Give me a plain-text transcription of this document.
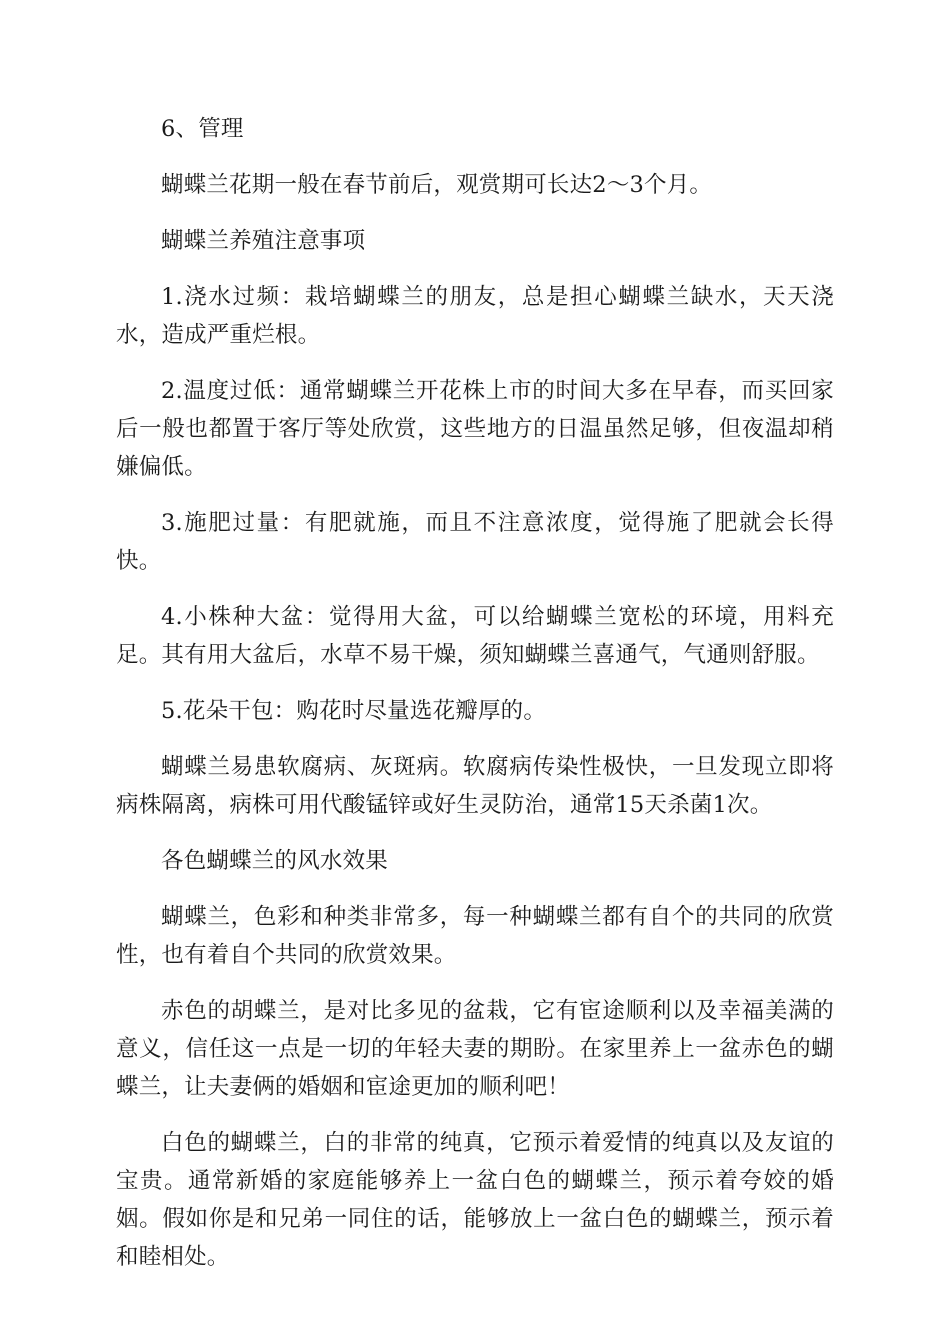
6、管理

蝴蝶兰花期一般在春节前后，观赏期可长达2～3个月。

蝴蝶兰养殖注意事项

1.浇水过频：栽培蝴蝶兰的朋友，总是担心蝴蝶兰缺水，天天浇水，造成严重烂根。

2.温度过低：通常蝴蝶兰开花株上市的时间大多在早春，而买回家后一般也都置于客厅等处欣赏，这些地方的日温虽然足够，但夜温却稍嫌偏低。

3.施肥过量：有肥就施，而且不注意浓度，觉得施了肥就会长得快。

4.小株种大盆：觉得用大盆，可以给蝴蝶兰宽松的环境，用料充足。其有用大盆后，水草不易干燥，须知蝴蝶兰喜通气，气通则舒服。

5.花朵干包：购花时尽量选花瓣厚的。

蝴蝶兰易患软腐病、灰斑病。软腐病传染性极快，一旦发现立即将病株隔离，病株可用代酸锰锌或好生灵防治，通常15天杀菌1次。

各色蝴蝶兰的风水效果

蝴蝶兰，色彩和种类非常多，每一种蝴蝶兰都有自个的共同的欣赏性，也有着自个共同的欣赏效果。

赤色的胡蝶兰，是对比多见的盆栽，它有宦途顺利以及幸福美满的意义，信任这一点是一切的年轻夫妻的期盼。在家里养上一盆赤色的蝴蝶兰，让夫妻俩的婚姻和宦途更加的顺利吧！

白色的蝴蝶兰，白的非常的纯真，它预示着爱情的纯真以及友谊的宝贵。通常新婚的家庭能够养上一盆白色的蝴蝶兰，预示着夸姣的婚姻。假如你是和兄弟一同住的话，能够放上一盆白色的蝴蝶兰，预示着和睦相处。
